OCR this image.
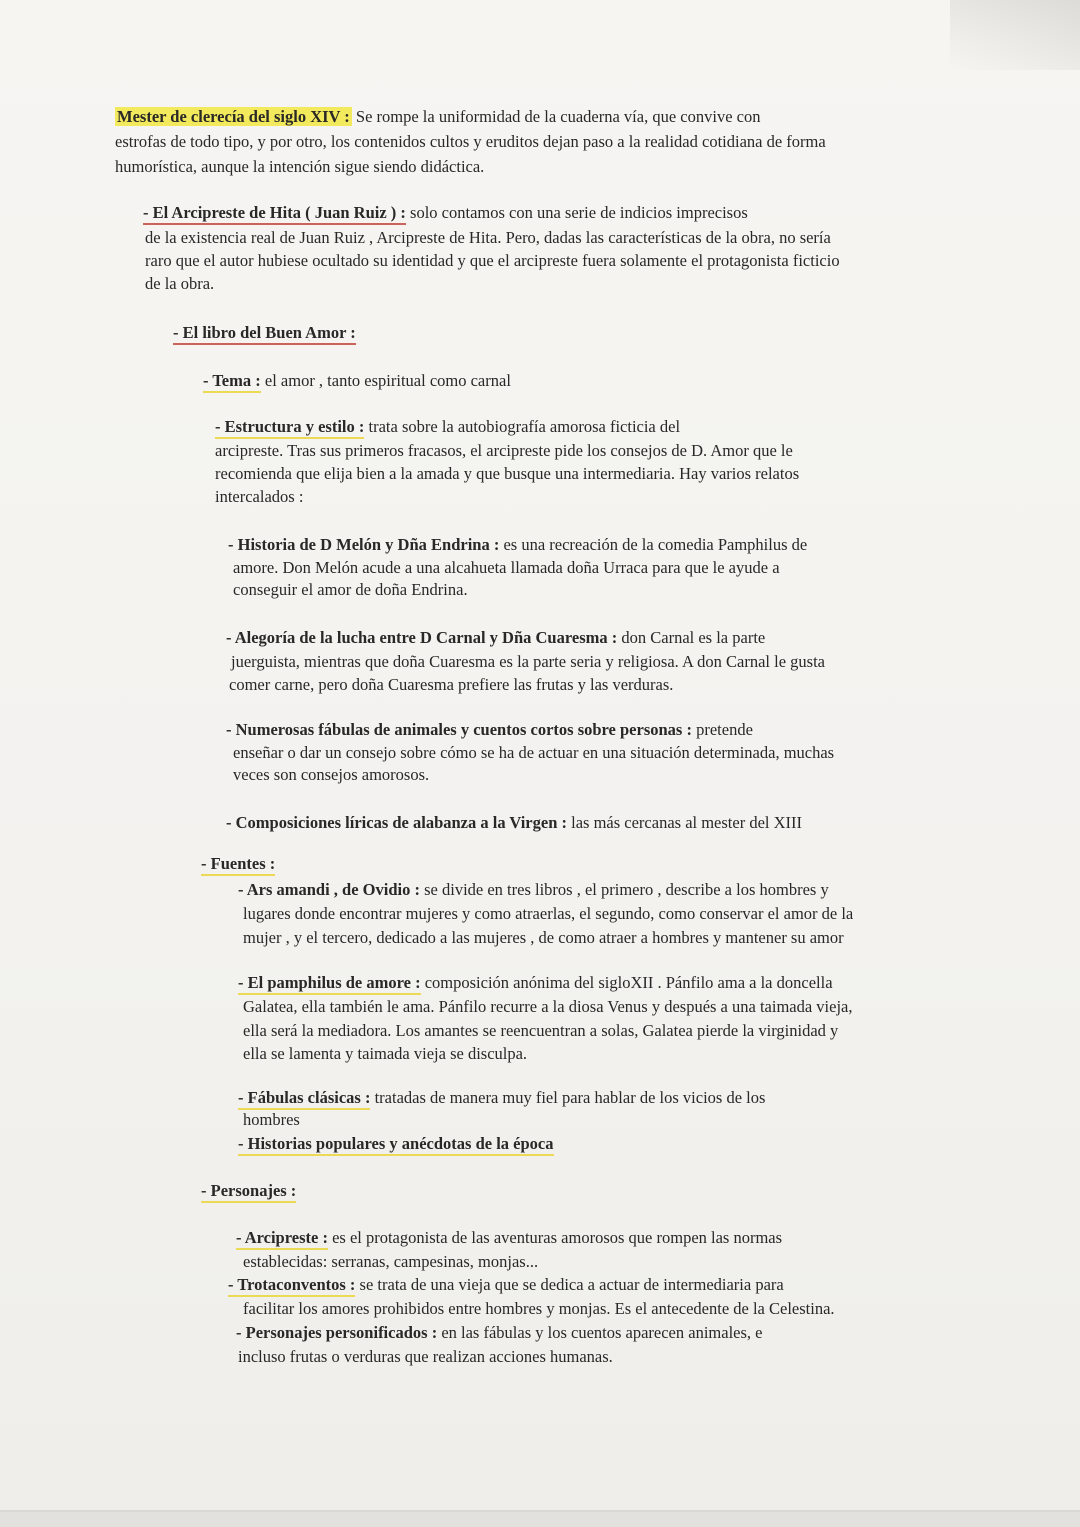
Mester de clerecía del siglo XIV : Se rompe la uniformidad de la cuaderna vía, que convive con
estrofas de todo tipo, y por otro, los contenidos cultos y eruditos dejan paso a la realidad cotidiana de forma
humorística, aunque la intención sigue siendo didáctica.
- El Arcipreste de Hita ( Juan Ruiz ) : solo contamos con una serie de indicios imprecisos
de la existencia real de Juan Ruiz , Arcipreste de Hita. Pero, dadas las características de la obra, no sería
raro que el autor hubiese ocultado su identidad y que el arcipreste fuera solamente el protagonista ficticio
de la obra.
- El libro del Buen Amor :
- Tema : el amor , tanto espiritual como carnal
- Estructura y estilo : trata sobre la autobiografía amorosa ficticia del
arcipreste. Tras sus primeros fracasos, el arcipreste pide los consejos de D. Amor que le
recomienda que elija bien a la amada y que busque una intermediaria. Hay varios relatos
intercalados :
- Historia de D Melón y Dña Endrina : es una recreación de la comedia Pamphilus de
amore. Don Melón acude a una alcahueta llamada doña Urraca para que le ayude a
conseguir el amor de doña Endrina.
- Alegoría de la lucha entre D Carnal y Dña Cuaresma : don Carnal es la parte
juerguista, mientras que doña Cuaresma es la parte seria y religiosa. A don Carnal le gusta
comer carne, pero doña Cuaresma prefiere las frutas y las verduras.
- Numerosas fábulas de animales y cuentos cortos sobre personas : pretende
enseñar o dar un consejo sobre cómo se ha de actuar en una situación determinada, muchas
veces son consejos amorosos.
- Composiciones líricas de alabanza a la Virgen : las más cercanas al mester del XIII
- Fuentes :
- Ars amandi , de Ovidio : se divide en tres libros , el primero , describe a los hombres y
lugares donde encontrar mujeres y como atraerlas, el segundo, como conservar el amor de la
mujer , y el tercero, dedicado a las mujeres , de como atraer a hombres y mantener su amor
- El pamphilus de amore : composición anónima del sigloXII . Pánfilo ama a la doncella
Galatea, ella también le ama. Pánfilo recurre a la diosa Venus y después a una taimada vieja,
ella será la mediadora. Los amantes se reencuentran a solas, Galatea pierde la virginidad y
ella se lamenta y taimada vieja se disculpa.
- Fábulas clásicas : tratadas de manera muy fiel para hablar de los vicios de los
hombres
- Historias populares y anécdotas de la época
- Personajes :
- Arcipreste : es el protagonista de las aventuras amorosos que rompen las normas
establecidas: serranas, campesinas, monjas...
- Trotaconventos : se trata de una vieja que se dedica a actuar de intermediaria para
facilitar los amores prohibidos entre hombres y monjas. Es el antecedente de la Celestina.
- Personajes personificados : en las fábulas y los cuentos aparecen animales, e
incluso frutas o verduras que realizan acciones humanas.
